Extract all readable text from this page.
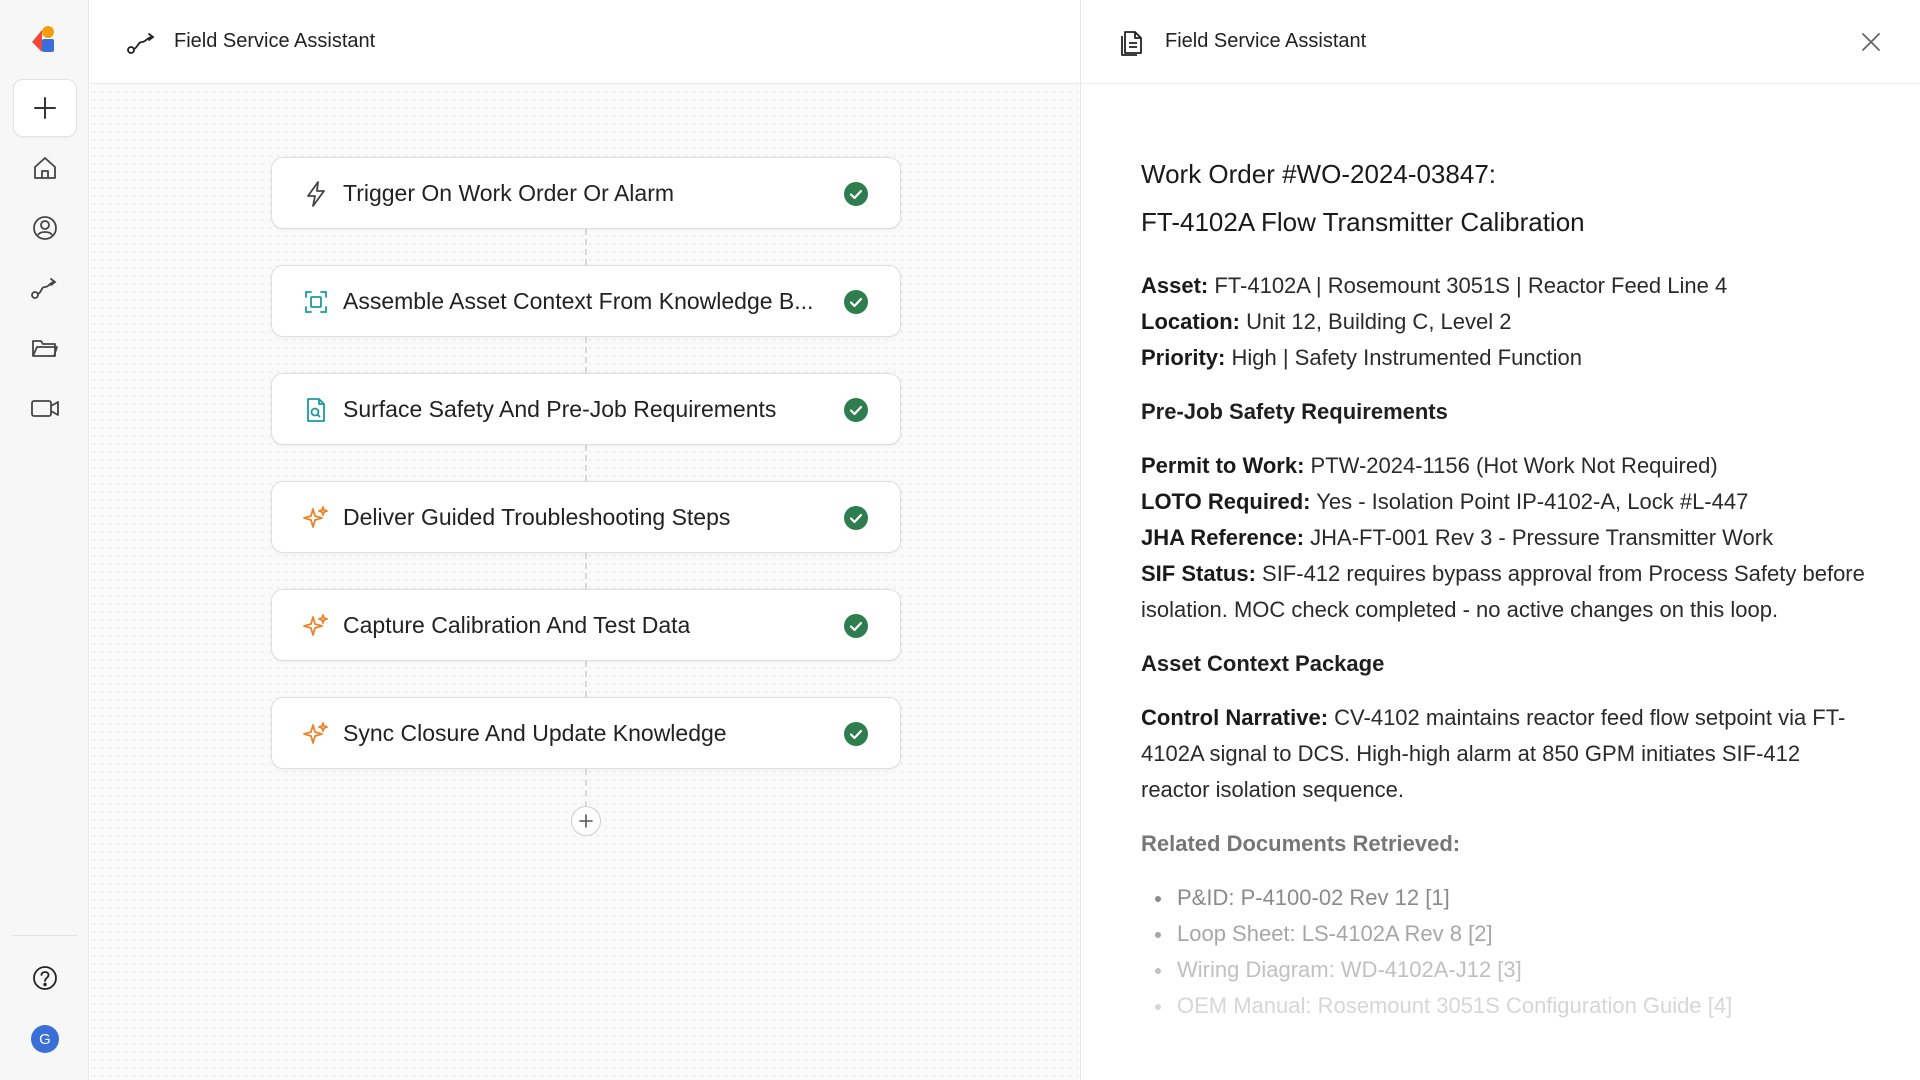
G
Field Service Assistant
Trigger On Work Order Or Alarm
Assemble Asset Context From Knowledge B...
Surface Safety And Pre-Job Requirements
Deliver Guided Troubleshooting Steps
Capture Calibration And Test Data
Sync Closure And Update Knowledge
Field Service Assistant
Work Order #WO-2024-03847:
FT-4102A Flow Transmitter Calibration

Asset: FT-4102A | Rosemount 3051S | Reactor Feed Line 4

Location: Unit 12, Building C, Level 2

Priority: High | Safety Instrumented Function

Pre-Job Safety Requirements

Permit to Work: PTW-2024-1156 (Hot Work Not Required)

LOTO Required: Yes - Isolation Point IP-4102-A, Lock #L-447

JHA Reference: JHA-FT-001 Rev 3 - Pressure Transmitter Work

SIF Status: SIF-412 requires bypass approval from Process Safety before isolation. MOC check completed - no active changes on this loop.

Asset Context Package

Control Narrative: CV-4102 maintains reactor feed flow setpoint via FT-4102A signal to DCS. High-high alarm at 850 GPM initiates SIF-412 reactor isolation sequence.

Related Documents Retrieved:
P&ID: P-4100-02 Rev 12 [1]
Loop Sheet: LS-4102A Rev 8 [2]
Wiring Diagram: WD-4102A-J12 [3]
OEM Manual: Rosemount 3051S Configuration Guide [4]
